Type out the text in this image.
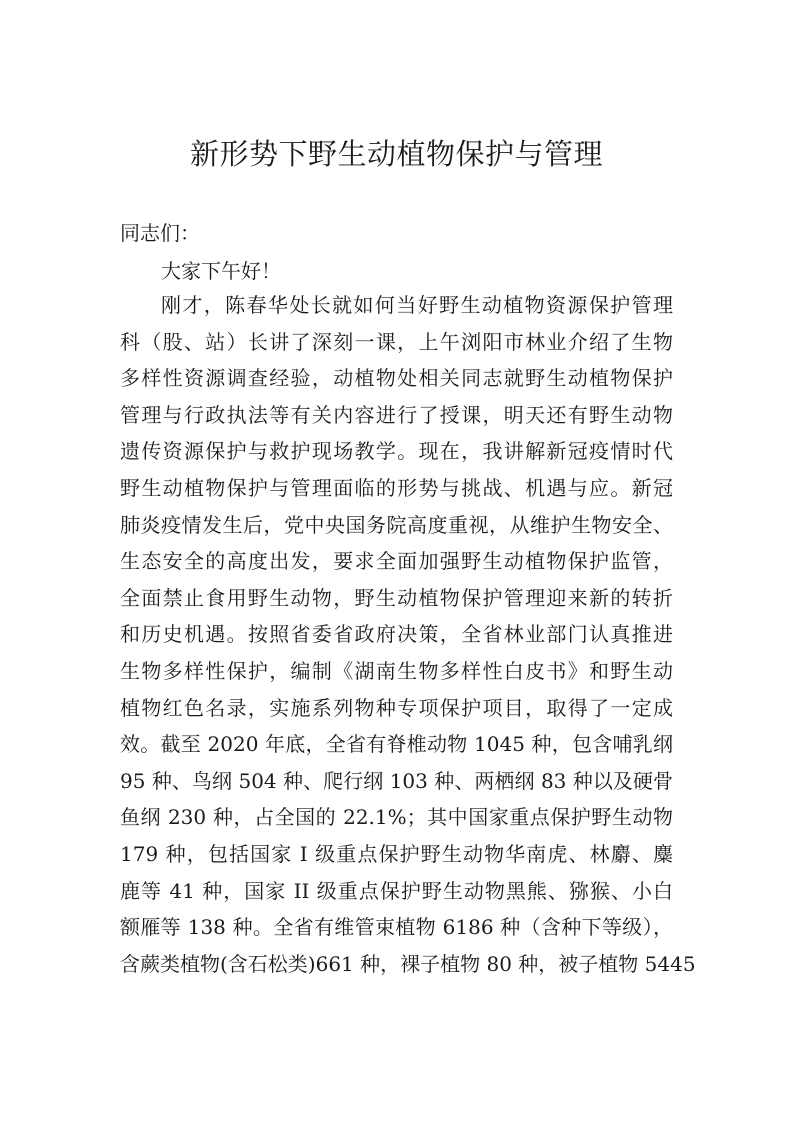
新形势下野生动植物保护与管理

同志们：

大家下午好！

刚才，陈春华处长就如何当好野生动植物资源保护管理
科（股、站）长讲了深刻一课，上午浏阳市林业介绍了生物
多样性资源调查经验，动植物处相关同志就野生动植物保护
管理与行政执法等有关内容进行了授课，明天还有野生动物
遗传资源保护与救护现场教学。现在，我讲解新冠疫情时代
野生动植物保护与管理面临的形势与挑战、机遇与应。新冠
肺炎疫情发生后，党中央国务院高度重视，从维护生物安全、
生态安全的高度出发，要求全面加强野生动植物保护监管，
全面禁止食用野生动物，野生动植物保护管理迎来新的转折
和历史机遇。按照省委省政府决策，全省林业部门认真推进
生物多样性保护，编制《湖南生物多样性白皮书》和野生动
植物红色名录，实施系列物种专项保护项目，取得了一定成
效。截至 2020 年底，全省有脊椎动物 1045 种，包含哺乳纲
95 种、鸟纲 504 种、爬行纲 103 种、两栖纲 83 种以及硬骨
鱼纲 230 种，占全国的 22.1%；其中国家重点保护野生动物
179 种，包括国家 I 级重点保护野生动物华南虎、林麝、麋
鹿等 41 种，国家 II 级重点保护野生动物黑熊、猕猴、小白
额雁等 138 种。全省有维管束植物 6186 种（含种下等级），
含蕨类植物(含石松类)661 种，裸子植物 80 种，被子植物 5445
